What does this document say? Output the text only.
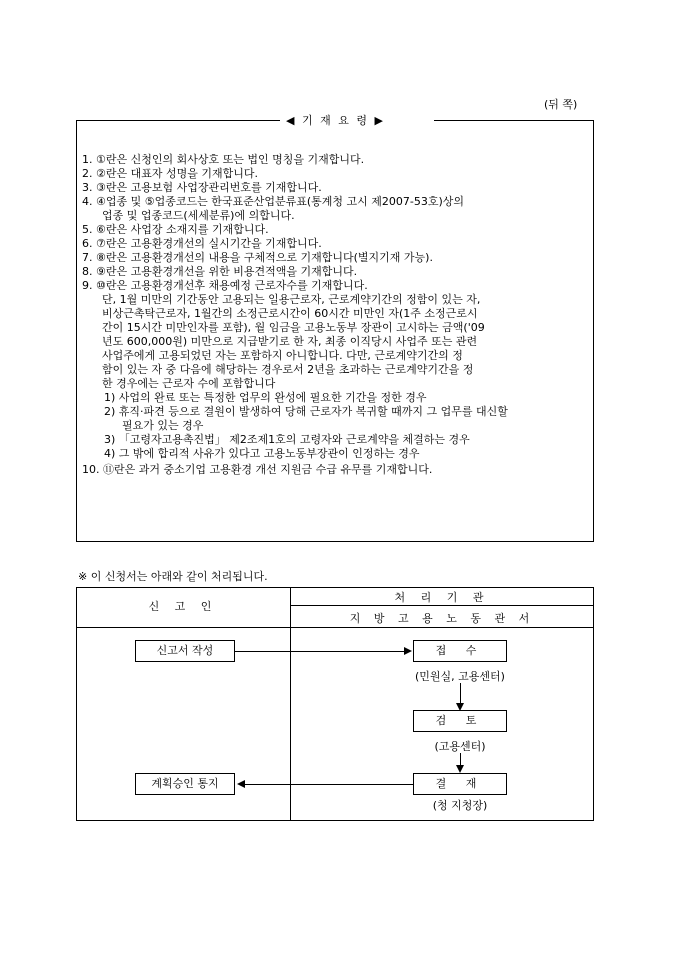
(뒤 쪽)
◀ 기 재 요 령 ▶
1. ①란은 신청인의 회사상호 또는 법인 명칭을 기재합니다.
2. ②란은 대표자 성명을 기재합니다.
3. ③란은 고용보험 사업장관리번호를 기재합니다.
4. ④업종 및 ⑤업종코드는 한국표준산업분류표(통계청 고시 제2007-53호)상의
업종 및 업종코드(세세분류)에 의합니다.
5. ⑥란은 사업장 소재지를 기재합니다.
6. ⑦란은 고용환경개선의 실시기간을 기재합니다.
7. ⑧란은 고용환경개선의 내용을 구체적으로 기재합니다(별지기재 가능).
8. ⑨란은 고용환경개선을 위한 비용견적액을 기재합니다.
9. ⑩란은 고용환경개선후 채용예정 근로자수를 기재합니다.
단, 1월 미만의 기간동안 고용되는 일용근로자, 근로계약기간의 정함이 있는 자,
비상근촉탁근로자, 1월간의 소정근로시간이 60시간 미만인 자(1주 소정근로시
간이 15시간 미만인자를 포함), 월 임금을 고용노동부 장관이 고시하는 금액('09
년도 600,000원) 미만으로 지급받기로 한 자, 최종 이직당시 사업주 또는 관련
사업주에게 고용되었던 자는 포함하지 아니합니다. 다만, 근로계약기간의 정
함이 있는 자 중 다음에 해당하는 경우로서 2년을 초과하는 근로계약기간을 정
한 경우에는 근로자 수에 포함합니다
1) 사업의 완료 또는 특정한 업무의 완성에 필요한 기간을 정한 경우
2) 휴직·파견 등으로 결원이 발생하여 당해 근로자가 복귀할 때까지 그 업무를 대신할
필요가 있는 경우
3) 「고령자고용촉진법」 제2조제1호의 고령자와 근로계약을 체결하는 경우
4) 그 밖에 합리적 사유가 있다고 고용노동부장관이 인정하는 경우
10. ⑪란은 과거 중소기업 고용환경 개선 지원금 수급 유무를 기재합니다.
※ 이 신청서는 아래와 같이 처리됩니다.
신 고 인
처 리 기 관
지 방 고 용 노 동 관 서
신고서 작성	접 수
(민원실, 고용센터)
검 토
(고용센터)
결 재
(청 지청장)
계획승인 통지
